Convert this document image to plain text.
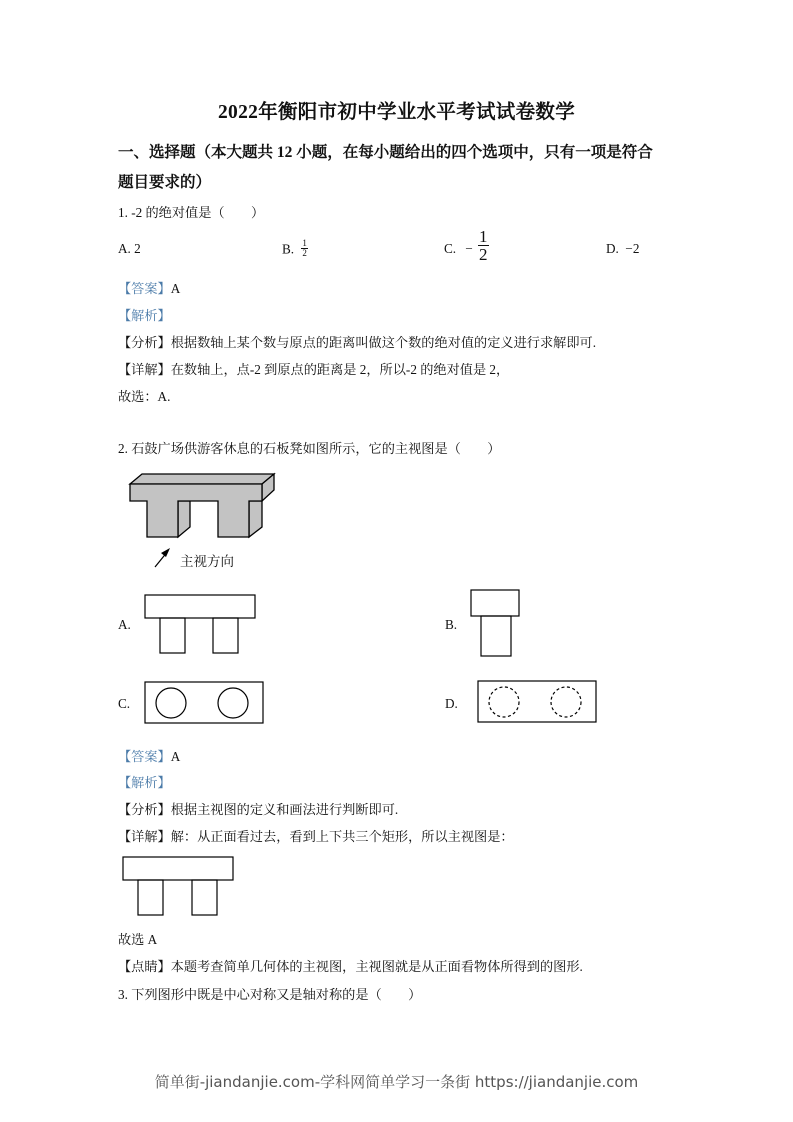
2022年衡阳市初中学业水平考试试卷数学
一、选择题（本大题共 12 小题，在每小题给出的四个选项中，只有一项是符合
题目要求的）
1. -2 的绝对值是（　　）
A. 2	B. $\frac{1}{2}$	C. − $\frac{1}{2}$	D.  −2
【答案】A
【解析】
【分析】根据数轴上某个数与原点的距离叫做这个数的绝对值的定义进行求解即可.
【详解】在数轴上，点-2 到原点的距离是 2，所以-2 的绝对值是 2，
故选：A.
2. 石鼓广场供游客休息的石板凳如图所示，它的主视图是（　　）
主视方向
A.	B.
C.	D.
【答案】A
【解析】
【分析】根据主视图的定义和画法进行判断即可.
【详解】解：从正面看过去，看到上下共三个矩形，所以主视图是：
故选 A
【点睛】本题考查简单几何体的主视图，主视图就是从正面看物体所得到的图形.
3. 下列图形中既是中心对称又是轴对称的是（　　）
简单街-jiandanjie.com-学科网简单学习一条街 https://jiandanjie.com
